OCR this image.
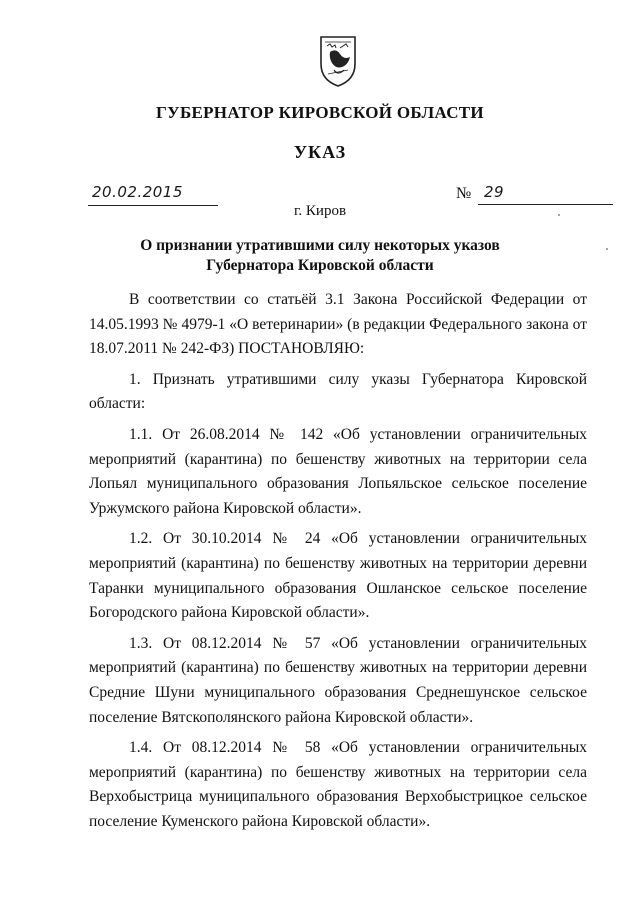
ГУБЕРНАТОР КИРОВСКОЙ ОБЛАСТИ
УКАЗ
20.02.2015	№ 29
г. Киров
О признании утратившими силу некоторых указов Губернатора Кировской области

В соответствии со статьёй 3.1 Закона Российской Федерации от 14.05.1993 № 4979-1 «О ветеринарии» (в редакции Федерального закона от 18.07.2011 № 242-ФЗ) ПОСТАНОВЛЯЮ:

1. Признать утратившими силу указы Губернатора Кировской области:

1.1. От 26.08.2014 № 142 «Об установлении ограничительных мероприятий (карантина) по бешенству животных на территории села Лопьял муниципального образования Лопьяльское сельское поселение Уржумского района Кировской области».

1.2. От 30.10.2014 № 24 «Об установлении ограничительных мероприятий (карантина) по бешенству животных на территории деревни Таранки муниципального образования Ошланское сельское поселение Богородского района Кировской области».

1.3. От 08.12.2014 № 57 «Об установлении ограничительных мероприятий (карантина) по бешенству животных на территории деревни Средние Шуни муниципального образования Среднешунское сельское поселение Вятскополянского района Кировской области».

1.4. От 08.12.2014 № 58 «Об установлении ограничительных мероприятий (карантина) по бешенству животных на территории села Верхобыстрица муниципального образования Верхобыстрицкое сельское поселение Куменского района Кировской области».
